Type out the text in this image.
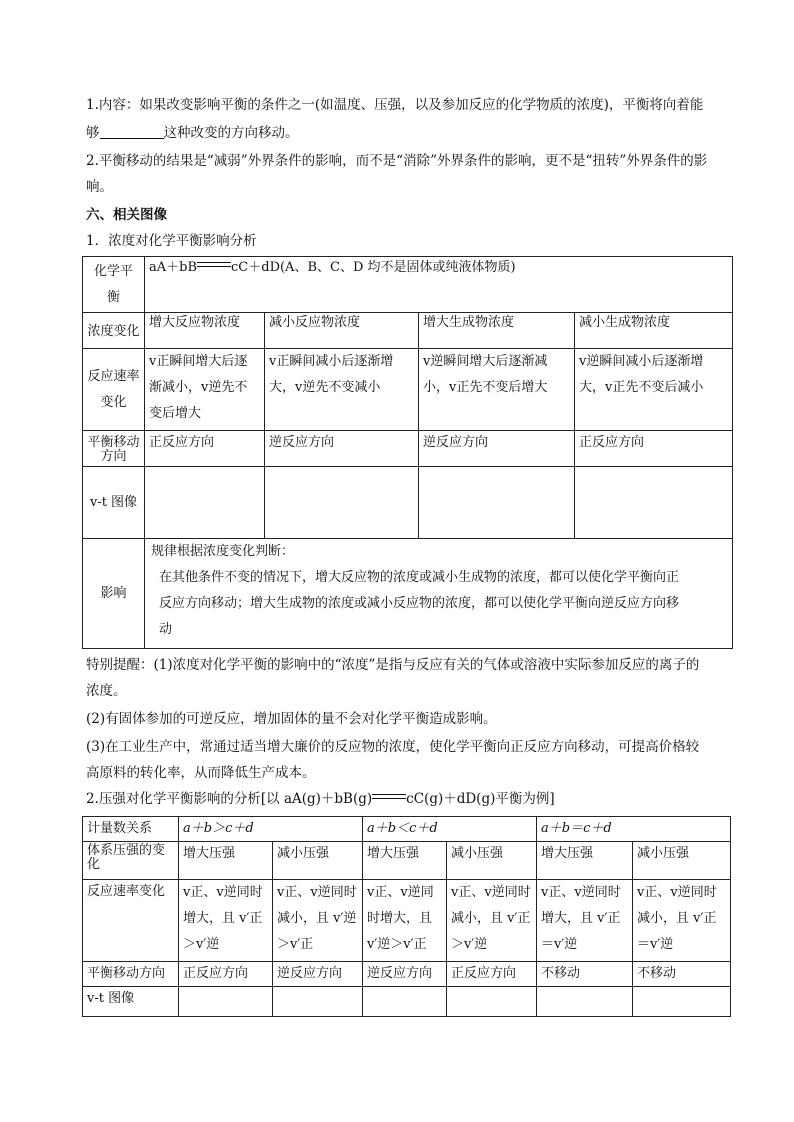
1.内容：如果改变影响平衡的条件之一(如温度、压强，以及参加反应的化学物质的浓度)，平衡将向着能

够	这种改变的方向移动。

2.平衡移动的结果是“减弱”外界条件的影响，而不是“消除”外界条件的影响，更不是“扭转”外界条件的影

响。

六、相关图像

1．浓度对化学平衡影响分析

化学平
衡	aA＋bB cC＋dD(A、B、C、D 均不是固体或纯液体物质)			
浓度变化	增大反应物浓度	减小反应物浓度	增大生成物浓度	减小生成物浓度
反应速率变化	v正瞬间增大后逐渐减小，v逆先不变后增大	v正瞬间减小后逐渐增大，v逆先不变减小	v逆瞬间增大后逐渐减小，v正先不变后增大	v逆瞬间减小后逐渐增大，v正先不变后减小
平衡移动方向	正反应方向	逆反应方向	逆反应方向	正反应方向
v-t 图像				
影响	规律根据浓度变化判断：
在其他条件不变的情况下，增大反应物的浓度或减小生成物的浓度，都可以使化学平衡向正
反应方向移动；增大生成物的浓度或减小反应物的浓度，都可以使化学平衡向逆反应方向移
动			

特别提醒：(1)浓度对化学平衡的影响中的“浓度”是指与反应有关的气体或溶液中实际参加反应的离子的

浓度。

(2)有固体参加的可逆反应，增加固体的量不会对化学平衡造成影响。

(3)在工业生产中，常通过适当增大廉价的反应物的浓度，使化学平衡向正反应方向移动，可提高价格较

高原料的转化率，从而降低生产成本。

2.压强对化学平衡影响的分析[以 aA(g)＋bB(g)	cC(g)＋dD(g)平衡为例]

计量数关系	a＋b＞c＋d		a＋b＜c＋d		a＋b＝c＋d	
体系压强的变化	增大压强	减小压强	增大压强	减小压强	增大压强	减小压强
反应速率变化	v正、v逆同时增大，且 v′正＞v′逆	v正、v逆同时减小，且 v′逆＞v′正	v正、v逆同时增大，且 v′逆＞v′正	v正、v逆同时减小，且 v′正＞v′逆	v正、v逆同时增大，且 v′正＝v′逆	v正、v逆同时减小，且 v′正＝v′逆
平衡移动方向	正反应方向	逆反应方向	逆反应方向	正反应方向	不移动	不移动
v-t 图像						
